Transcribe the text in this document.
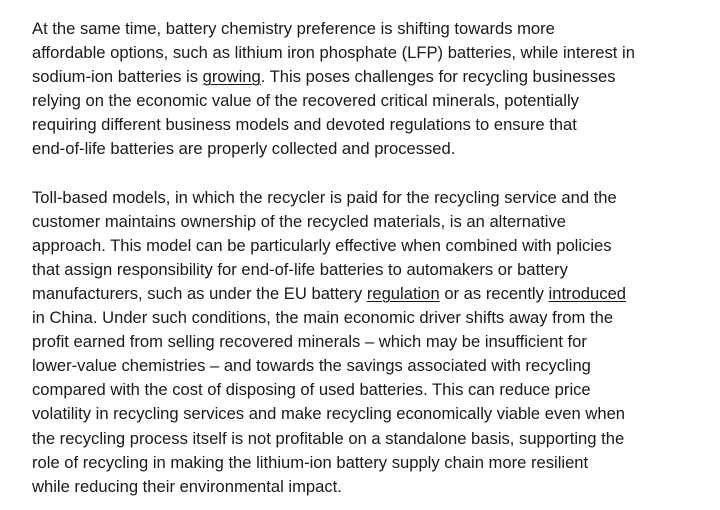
At the same time, battery chemistry preference is shifting towards more
affordable options, such as lithium iron phosphate (LFP) batteries, while interest in
sodium-ion batteries is growing. This poses challenges for recycling businesses
relying on the economic value of the recovered critical minerals, potentially
requiring different business models and devoted regulations to ensure that
end-of-life batteries are properly collected and processed.

Toll-based models, in which the recycler is paid for the recycling service and the
customer maintains ownership of the recycled materials, is an alternative
approach. This model can be particularly effective when combined with policies
that assign responsibility for end-of-life batteries to automakers or battery
manufacturers, such as under the EU battery regulation or as recently introduced
in China. Under such conditions, the main economic driver shifts away from the
profit earned from selling recovered minerals – which may be insufficient for
lower-value chemistries – and towards the savings associated with recycling
compared with the cost of disposing of used batteries. This can reduce price
volatility in recycling services and make recycling economically viable even when
the recycling process itself is not profitable on a standalone basis, supporting the
role of recycling in making the lithium-ion battery supply chain more resilient
while reducing their environmental impact.
